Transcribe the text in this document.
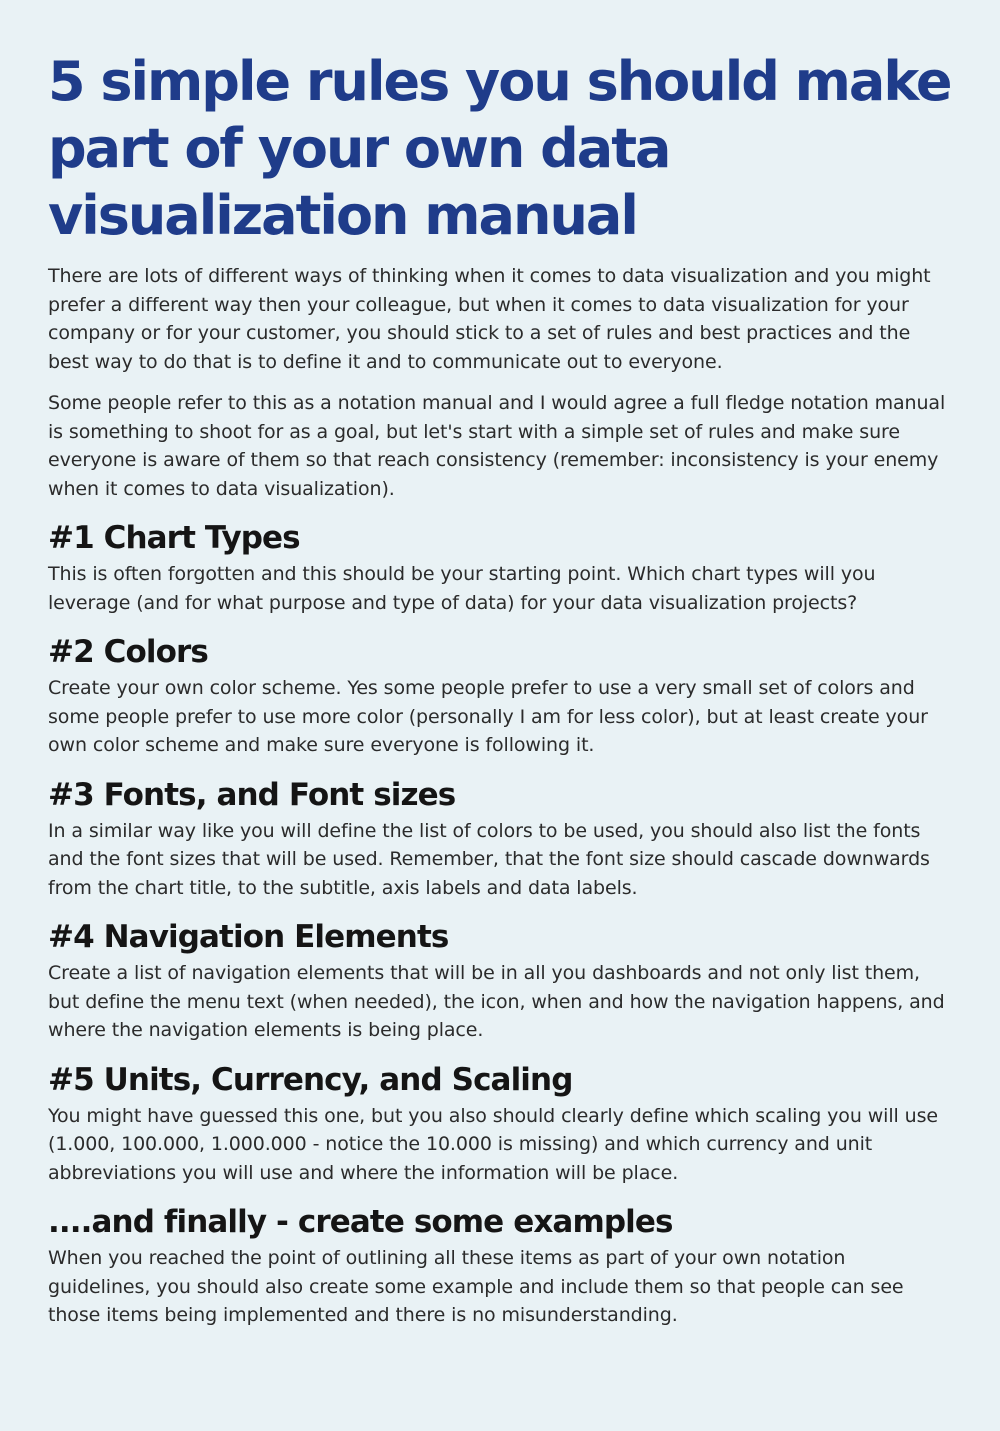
5 simple rules you should make part of your own data visualization manual

There are lots of different ways of thinking when it comes to data visualization and you might prefer a different way then your colleague, but when it comes to data visualization for your company or for your customer, you should stick to a set of rules and best practices and the best way to do that is to define it and to communicate out to everyone.

Some people refer to this as a notation manual and I would agree a full fledge notation manual is something to shoot for as a goal, but let's start with a simple set of rules and make sure everyone is aware of them so that reach consistency (remember: inconsistency is your enemy when it comes to data visualization).

#1 Chart Types

This is often forgotten and this should be your starting point. Which chart types will you leverage (and for what purpose and type of data) for your data visualization projects?

#2 Colors

Create your own color scheme. Yes some people prefer to use a very small set of colors and some people prefer to use more color (personally I am for less color), but at least create your own color scheme and make sure everyone is following it.

#3 Fonts, and Font sizes

In a similar way like you will define the list of colors to be used, you should also list the fonts and the font sizes that will be used. Remember, that the font size should cascade downwards from the chart title, to the subtitle, axis labels and data labels.

#4 Navigation Elements

Create a list of navigation elements that will be in all you dashboards and not only list them, but define the menu text (when needed), the icon, when and how the navigation happens, and where the navigation elements is being place.

#5 Units, Currency, and Scaling

You might have guessed this one, but you also should clearly define which scaling you will use (1.000, 100.000, 1.000.000 - notice the 10.000 is missing) and which currency and unit abbreviations you will use and where the information will be place.

....and finally - create some examples

When you reached the point of outlining all these items as part of your own notation guidelines, you should also create some example and include them so that people can see those items being implemented and there is no misunderstanding.
